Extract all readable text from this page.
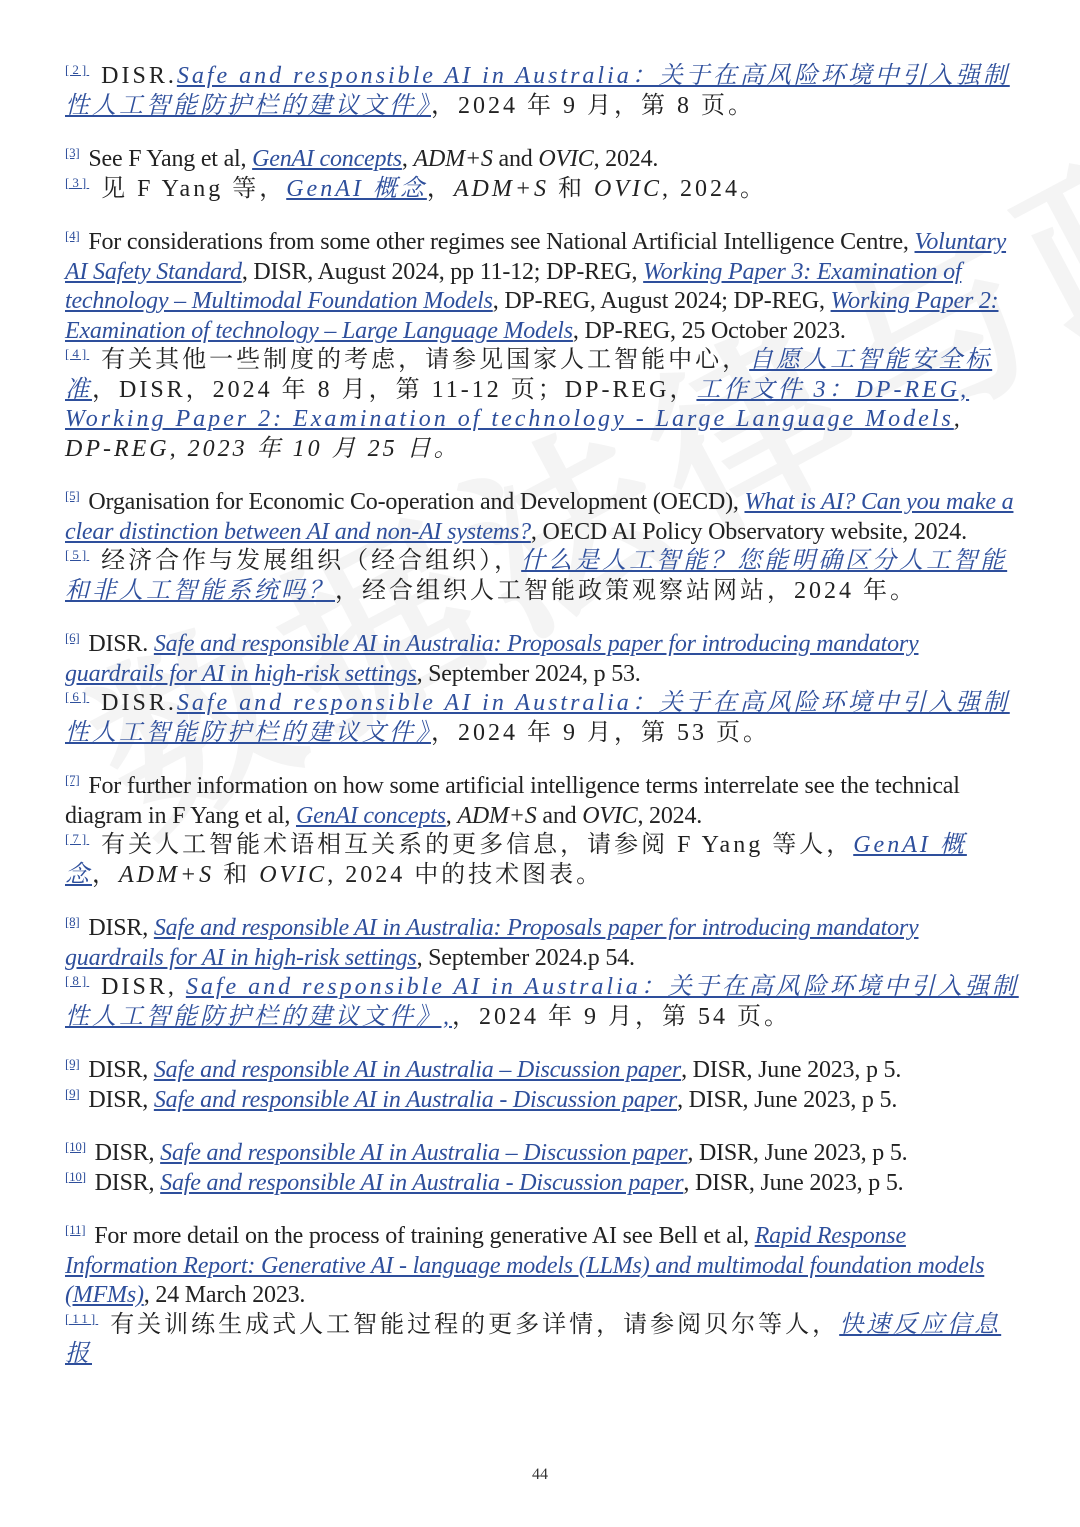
[2] DISR.Safe and responsible AI in Australia：关于在高风险环境中引入强制性人工智能防护栏的建议文件》，2024 年 9 月，第 8 页。

[3] See F Yang et al, GenAI concepts, ADM+S and OVIC, 2024.

[3] 见 F Yang 等，GenAI 概念，ADM+S 和 OVIC, 2024。

[4] For considerations from some other regimes see National Artificial Intelligence Centre, Voluntary AI Safety Standard, DISR, August 2024, pp 11-12; DP-REG, Working Paper 3: Examination of technology – Multimodal Foundation Models, DP-REG, August 2024; DP-REG, Working Paper 2: Examination of technology – Large Language Models, DP-REG, 25 October 2023.

[4] 有关其他一些制度的考虑，请参见国家人工智能中心，自愿人工智能安全标准，DISR，2024 年 8 月，第 11-12 页；DP-REG，工作文件 3：DP-REG, Working Paper 2: Examination of technology - Large Language Models, DP-REG, 2023 年 10 月 25 日。

[5] Organisation for Economic Co-operation and Development (OECD), What is AI? Can you make a clear distinction between AI and non-AI systems?, OECD AI Policy Observatory website, 2024.

[5] 经济合作与发展组织（经合组织），什么是人工智能？您能明确区分人工智能和非人工智能系统吗？，经合组织人工智能政策观察站网站，2024 年。

[6] DISR. Safe and responsible AI in Australia: Proposals paper for introducing mandatory guardrails for AI in high-risk settings, September 2024, p 53.

[6] DISR.Safe and responsible AI in Australia：关于在高风险环境中引入强制性人工智能防护栏的建议文件》，2024 年 9 月，第 53 页。

[7] For further information on how some artificial intelligence terms interrelate see the technical diagram in F Yang et al, GenAI concepts, ADM+S and OVIC, 2024.

[7] 有关人工智能术语相互关系的更多信息，请参阅 F Yang 等人，GenAI 概念，ADM+S 和 OVIC, 2024 中的技术图表。

[8] DISR, Safe and responsible AI in Australia: Proposals paper for introducing mandatory guardrails for AI in high-risk settings, September 2024.p 54.

[8] DISR, Safe and responsible AI in Australia：关于在高风险环境中引入强制性人工智能防护栏的建议文件》,，2024 年 9 月，第 54 页。

[9] DISR, Safe and responsible AI in Australia – Discussion paper, DISR, June 2023, p 5.

[9] DISR, Safe and responsible AI in Australia - Discussion paper, DISR, June 2023, p 5.

[10] DISR, Safe and responsible AI in Australia – Discussion paper, DISR, June 2023, p 5.

[10] DISR, Safe and responsible AI in Australia - Discussion paper, DISR, June 2023, p 5.

[11] For more detail on the process of training generative AI see Bell et al, Rapid Response Information Report: Generative AI - language models (LLMs) and multimodal foundation models (MFMs), 24 March 2023.

[11] 有关训练生成式人工智能过程的更多详情，请参阅贝尔等人，快速反应信息报

44
